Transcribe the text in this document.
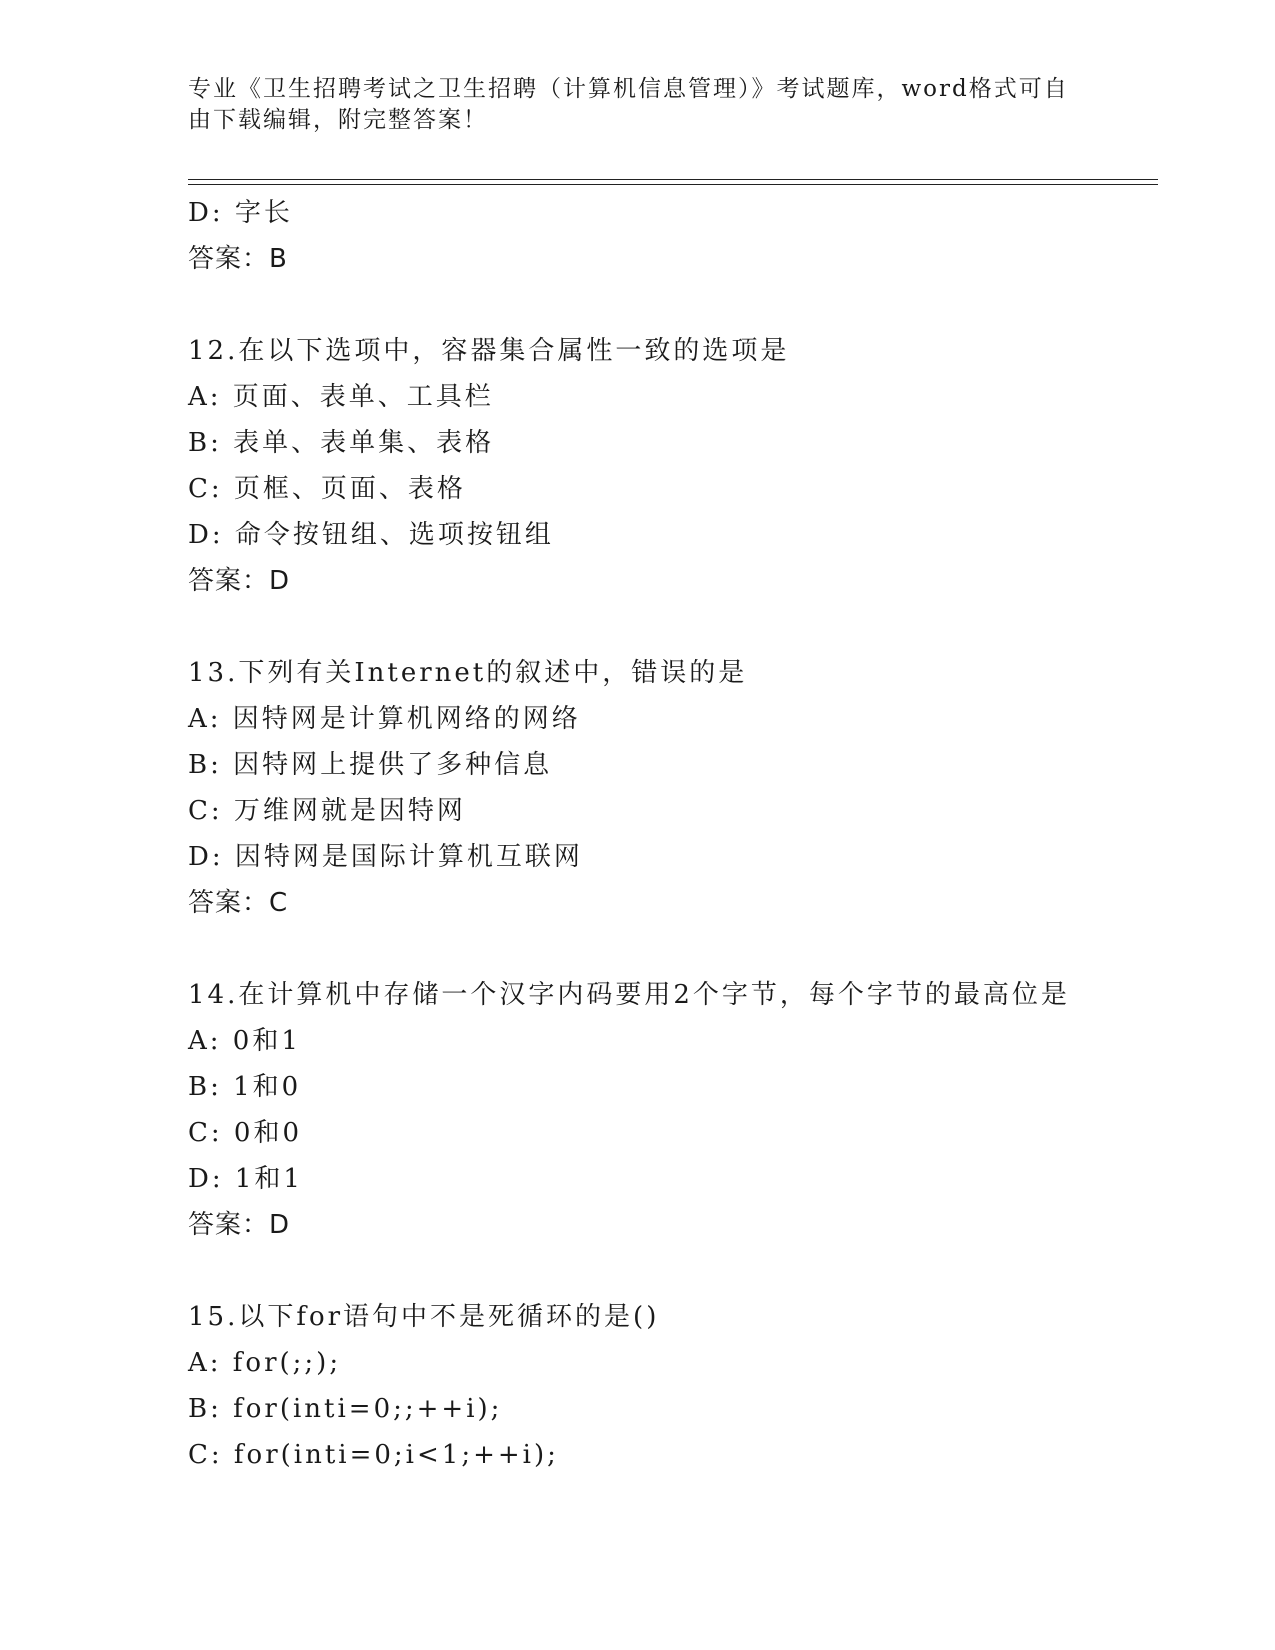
专业《卫生招聘考试之卫生招聘（计算机信息管理）》考试题库，word格式可自
由下载编辑，附完整答案！
D: 字长
答案：B
12.在以下选项中，容器集合属性一致的选项是
A: 页面、表单、工具栏
B: 表单、表单集、表格
C: 页框、页面、表格
D: 命令按钮组、选项按钮组
答案：D
13.下列有关Internet的叙述中，错误的是
A: 因特网是计算机网络的网络
B: 因特网上提供了多种信息
C: 万维网就是因特网
D: 因特网是国际计算机互联网
答案：C
14.在计算机中存储一个汉字内码要用2个字节，每个字节的最高位是
A: 0和1
B: 1和0
C: 0和0
D: 1和1
答案：D
15.以下for语句中不是死循环的是()
A: for(;;);
B: for(inti=0;;++i);
C: for(inti=0;i<1;++i);
